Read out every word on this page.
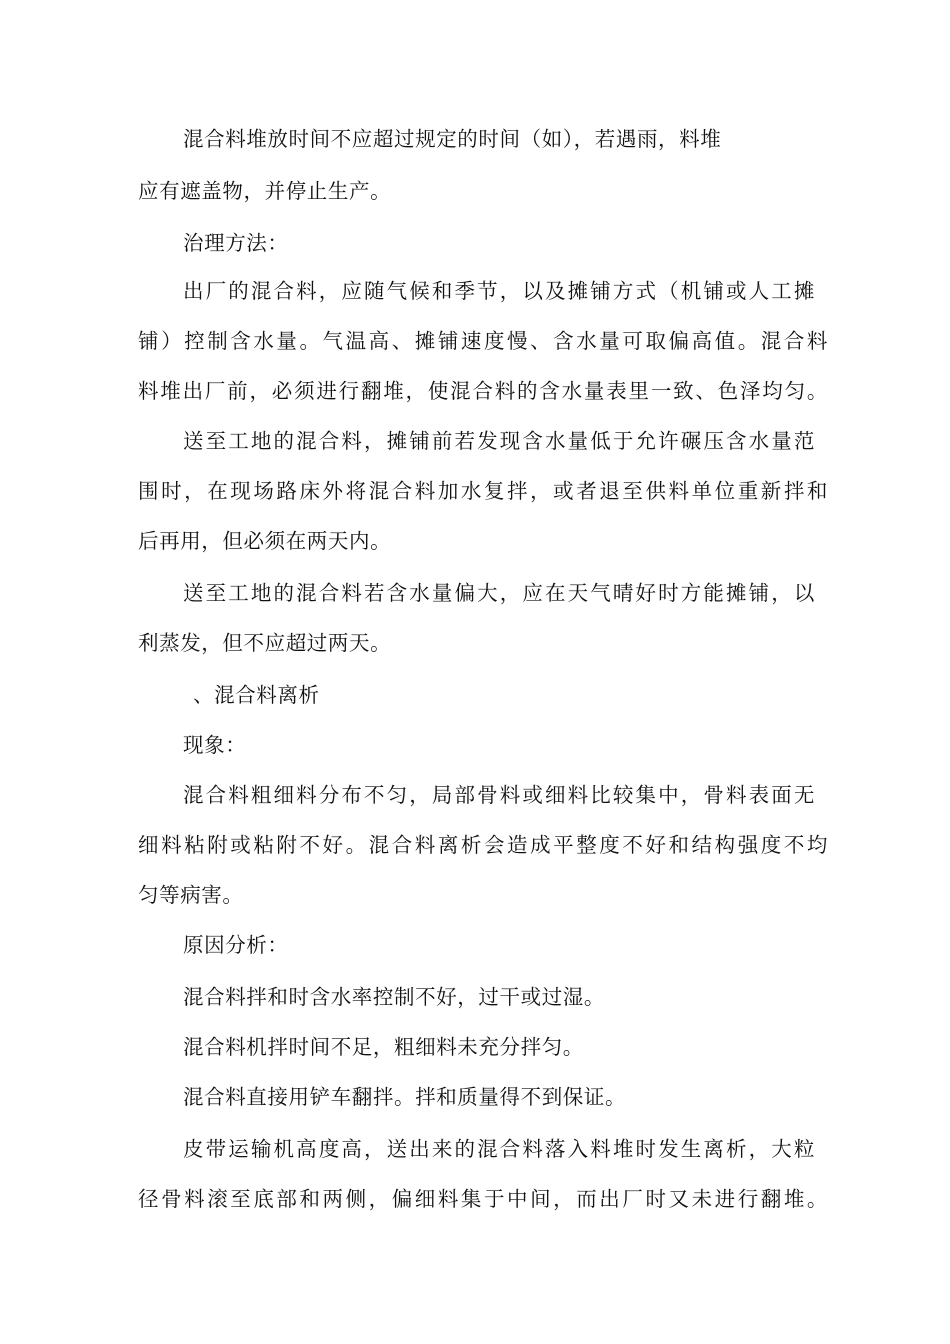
混合料堆放时间不应超过规定的时间（如），若遇雨，料堆
应有遮盖物，并停止生产。
治理方法：
出厂的混合料，应随气候和季节，以及摊铺方式（机铺或人工摊
铺）控制含水量。气温高、摊铺速度慢、含水量可取偏高值。混合料
料堆出厂前，必须进行翻堆，使混合料的含水量表里一致、色泽均匀。
送至工地的混合料，摊铺前若发现含水量低于允许碾压含水量范
围时，在现场路床外将混合料加水复拌，或者退至供料单位重新拌和
后再用，但必须在两天内。
送至工地的混合料若含水量偏大，应在天气晴好时方能摊铺，以
利蒸发，但不应超过两天。
、混合料离析
现象：
混合料粗细料分布不匀，局部骨料或细料比较集中，骨料表面无
细料粘附或粘附不好。混合料离析会造成平整度不好和结构强度不均
匀等病害。
原因分析：
混合料拌和时含水率控制不好，过干或过湿。
混合料机拌时间不足，粗细料未充分拌匀。
混合料直接用铲车翻拌。拌和质量得不到保证。
皮带运输机高度高，送出来的混合料落入料堆时发生离析，大粒
径骨料滚至底部和两侧，偏细料集于中间，而出厂时又未进行翻堆。
